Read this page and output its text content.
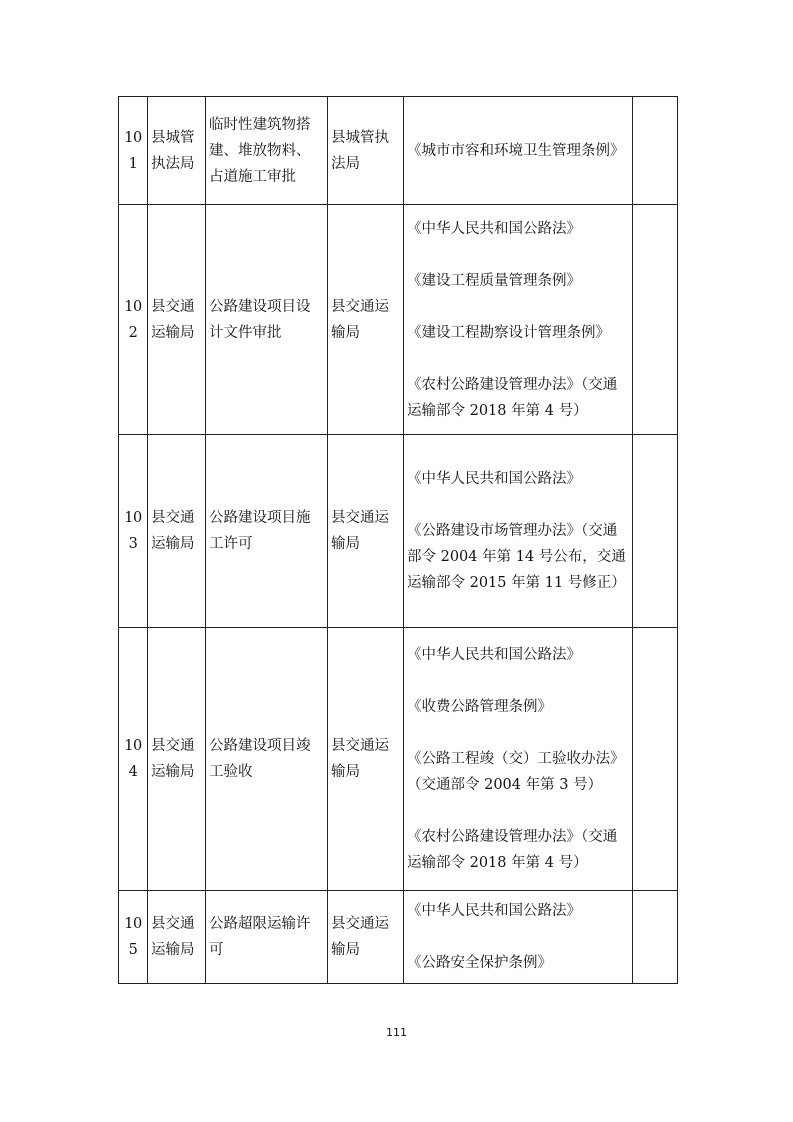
101	县城管执法局	临时性建筑物搭建、堆放物料、占道施工审批	县城管执法局	《城市市容和环境卫生管理条例》	

102	县交通运输局	公路建设项目设计文件审批	县交通运输局	《中华人民共和国公路法》
《建设工程质量管理条例》
《建设工程勘察设计管理条例》
《农村公路建设管理办法》（交通运输部令 2018 年第 4 号）	

103	县交通运输局	公路建设项目施工许可	县交通运输局	《中华人民共和国公路法》
《公路建设市场管理办法》（交通部令 2004 年第 14 号公布，交通运输部令 2015 年第 11 号修正）	

104	县交通运输局	公路建设项目竣工验收	县交通运输局	《中华人民共和国公路法》
《收费公路管理条例》
《公路工程竣（交）工验收办法》（交通部令 2004 年第 3 号）
《农村公路建设管理办法》（交通运输部令 2018 年第 4 号）	

105	县交通运输局	公路超限运输许可	县交通运输局	《中华人民共和国公路法》
《公路安全保护条例》	

111
